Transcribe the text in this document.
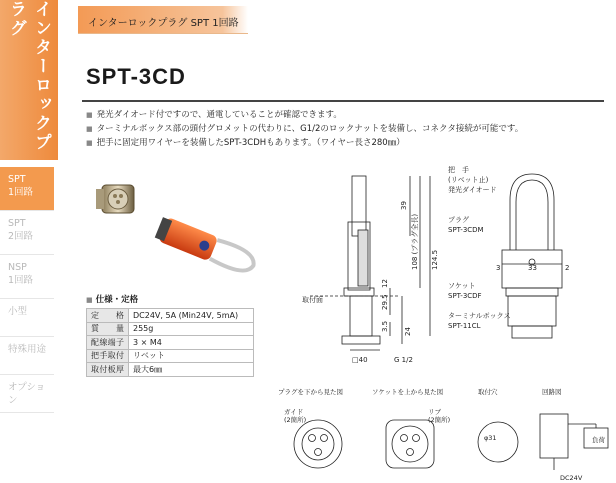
インターロックプラグ
SPT
1回路
SPT
2回路
NSP
1回路
小型
特殊用途
オプション
インターロックプラグ SPT 1回路
SPT-3CD
■ 発光ダイオード付ですので、通電していることが確認できます。
■ ターミナルボックス部の頭付グロメットの代わりに、G1/2のロックナットを装備し、コネクタ接続が可能です。
■ 把手に固定用ワイヤーを装備したSPT-3CDHもあります。（ワイヤー長さ280㎜）
■ 仕様・定格
定格	DC24V, 5A (Min24V, 5mA)
質量	255g
配線端子	3 × M4
把手取付	リベット
取付板厚	最大6㎜
把　手
(リベット止)
発光ダイオード
プラグ
SPT-3CDM
ソケット
SPT-3CDF
ターミナルボックス
SPT-11CL
取付面
39
108 (プラグ全長) 124.5	3	33	2
29.5
12
3.5 24
□40	G 1/2
プラグを下から見た図	ソケットを上から見た図	取付穴	回路図
ガイド
(2箇所)
リブ
(2箇所)
φ31	負荷
DC24V
